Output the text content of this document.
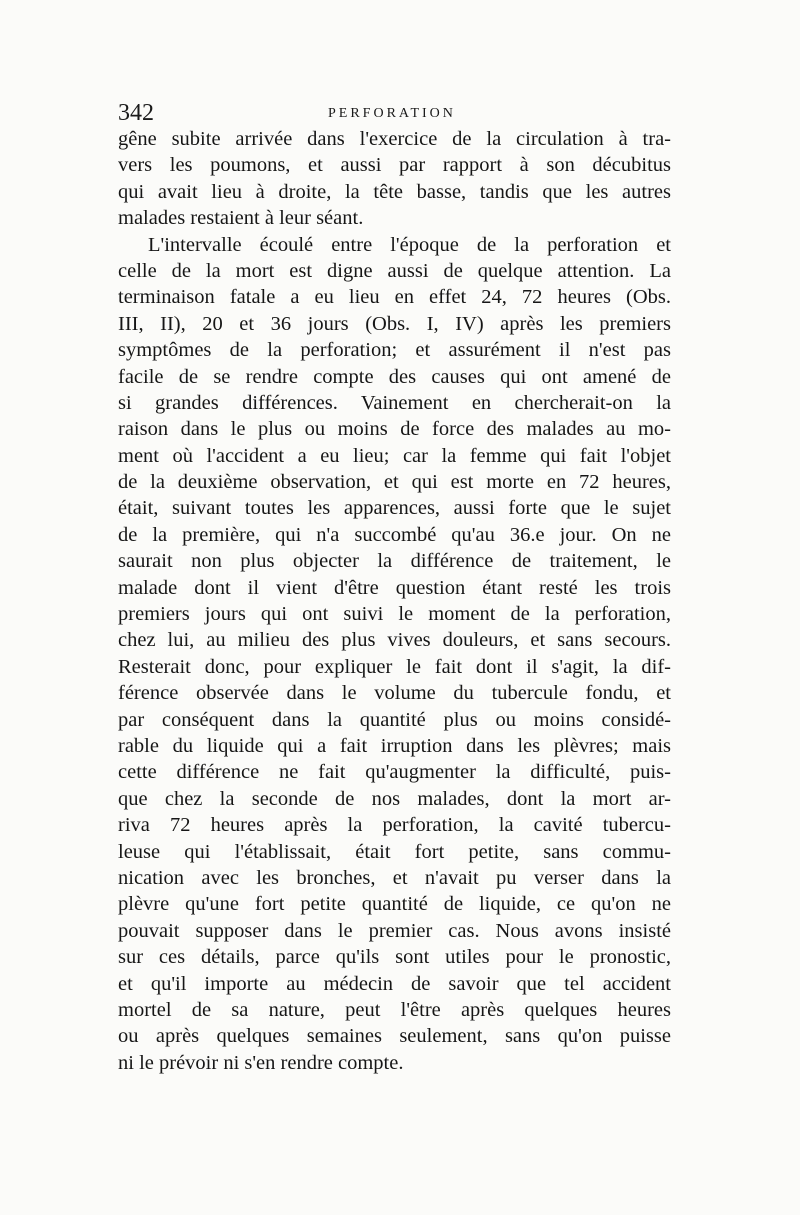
342	PERFORATION
gêne subite arrivée dans l'exercice de la circulation à tra-
vers les poumons, et aussi par rapport à son décubitus
qui avait lieu à droite, la tête basse, tandis que les autres
malades restaient à leur séant.
L'intervalle écoulé entre l'époque de la perforation et
celle de la mort est digne aussi de quelque attention. La
terminaison fatale a eu lieu en effet 24, 72 heures (Obs.
III, II), 20 et 36 jours (Obs. I, IV) après les premiers
symptômes de la perforation; et assurément il n'est pas
facile de se rendre compte des causes qui ont amené de
si grandes différences. Vainement en chercherait-on la
raison dans le plus ou moins de force des malades au mo-
ment où l'accident a eu lieu; car la femme qui fait l'objet
de la deuxième observation, et qui est morte en 72 heures,
était, suivant toutes les apparences, aussi forte que le sujet
de la première, qui n'a succombé qu'au 36.e jour. On ne
saurait non plus objecter la différence de traitement, le
malade dont il vient d'être question étant resté les trois
premiers jours qui ont suivi le moment de la perforation,
chez lui, au milieu des plus vives douleurs, et sans secours.
Resterait donc, pour expliquer le fait dont il s'agit, la dif-
férence observée dans le volume du tubercule fondu, et
par conséquent dans la quantité plus ou moins considé-
rable du liquide qui a fait irruption dans les plèvres; mais
cette différence ne fait qu'augmenter la difficulté, puis-
que chez la seconde de nos malades, dont la mort ar-
riva 72 heures après la perforation, la cavité tubercu-
leuse qui l'établissait, était fort petite, sans commu-
nication avec les bronches, et n'avait pu verser dans la
plèvre qu'une fort petite quantité de liquide, ce qu'on ne
pouvait supposer dans le premier cas. Nous avons insisté
sur ces détails, parce qu'ils sont utiles pour le pronostic,
et qu'il importe au médecin de savoir que tel accident
mortel de sa nature, peut l'être après quelques heures
ou après quelques semaines seulement, sans qu'on puisse
ni le prévoir ni s'en rendre compte.
